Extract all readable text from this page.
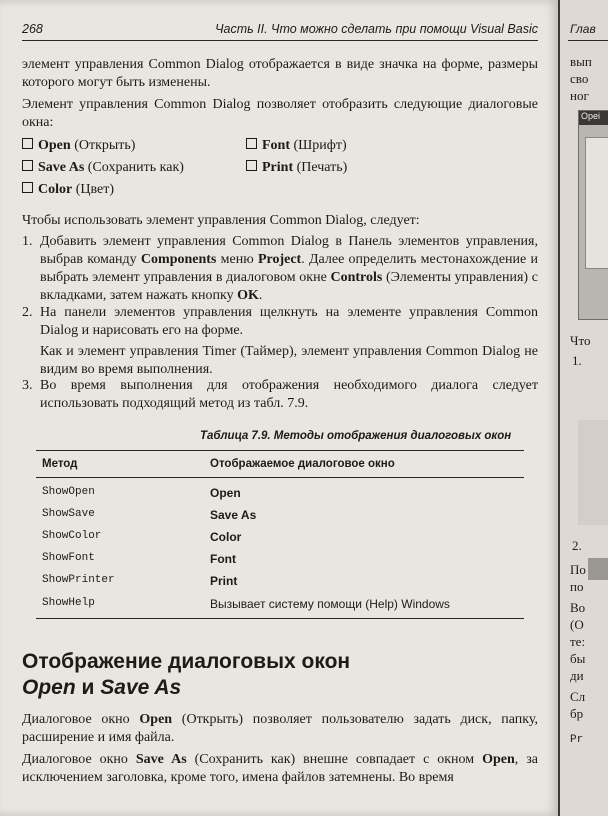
268	Часть II. Что можно сделать при помощи Visual Basic
элемент управления Common Dialog отображается в виде значка на форме, размеры которого могут быть изменены.
Элемент управления Common Dialog позволяет отобразить следующие диалоговые окна:
Open (Открыть)
Save As (Сохранить как)
Color (Цвет)
Font (Шрифт)
Print (Печать)
Чтобы использовать элемент управления Common Dialog, следует:
1. Добавить элемент управления Common Dialog в Панель элементов управления, выбрав команду Components меню Project. Далее определить местонахождение и выбрать элемент управления в диалоговом окне Controls (Элементы управления) с вкладками, затем нажать кнопку OK.
2. На панели элементов управления щелкнуть на элементе управления Common Dialog и нарисовать его на форме.
Как и элемент управления Timer (Таймер), элемент управления Common Dialog не видим во время выполнения.
3. Во время выполнения для отображения необходимого диалога следует использовать подходящий метод из табл. 7.9.
Таблица 7.9. Методы отображения диалоговых окон
Метод	Отображаемое диалоговое окно
ShowOpen	Open
ShowSave	Save As
ShowColor	Color
ShowFont	Font
ShowPrinter	Print
ShowHelp	Вызывает систему помощи (Help) Windows
Отображение диалоговых окон
Open и Save As
Диалоговое окно Open (Открыть) позволяет пользователю задать диск, папку, расширение и имя файла.
Диалоговое окно Save As (Сохранить как) внешне совпадает с окном Open, за исключением заголовка, кроме того, имена файлов затемнены. Во время
Глав
вып
сво
ног
Opei
Что
1.
2.
По
по
Во
(О
те:
бы
ди
Сл
бр
Pr
